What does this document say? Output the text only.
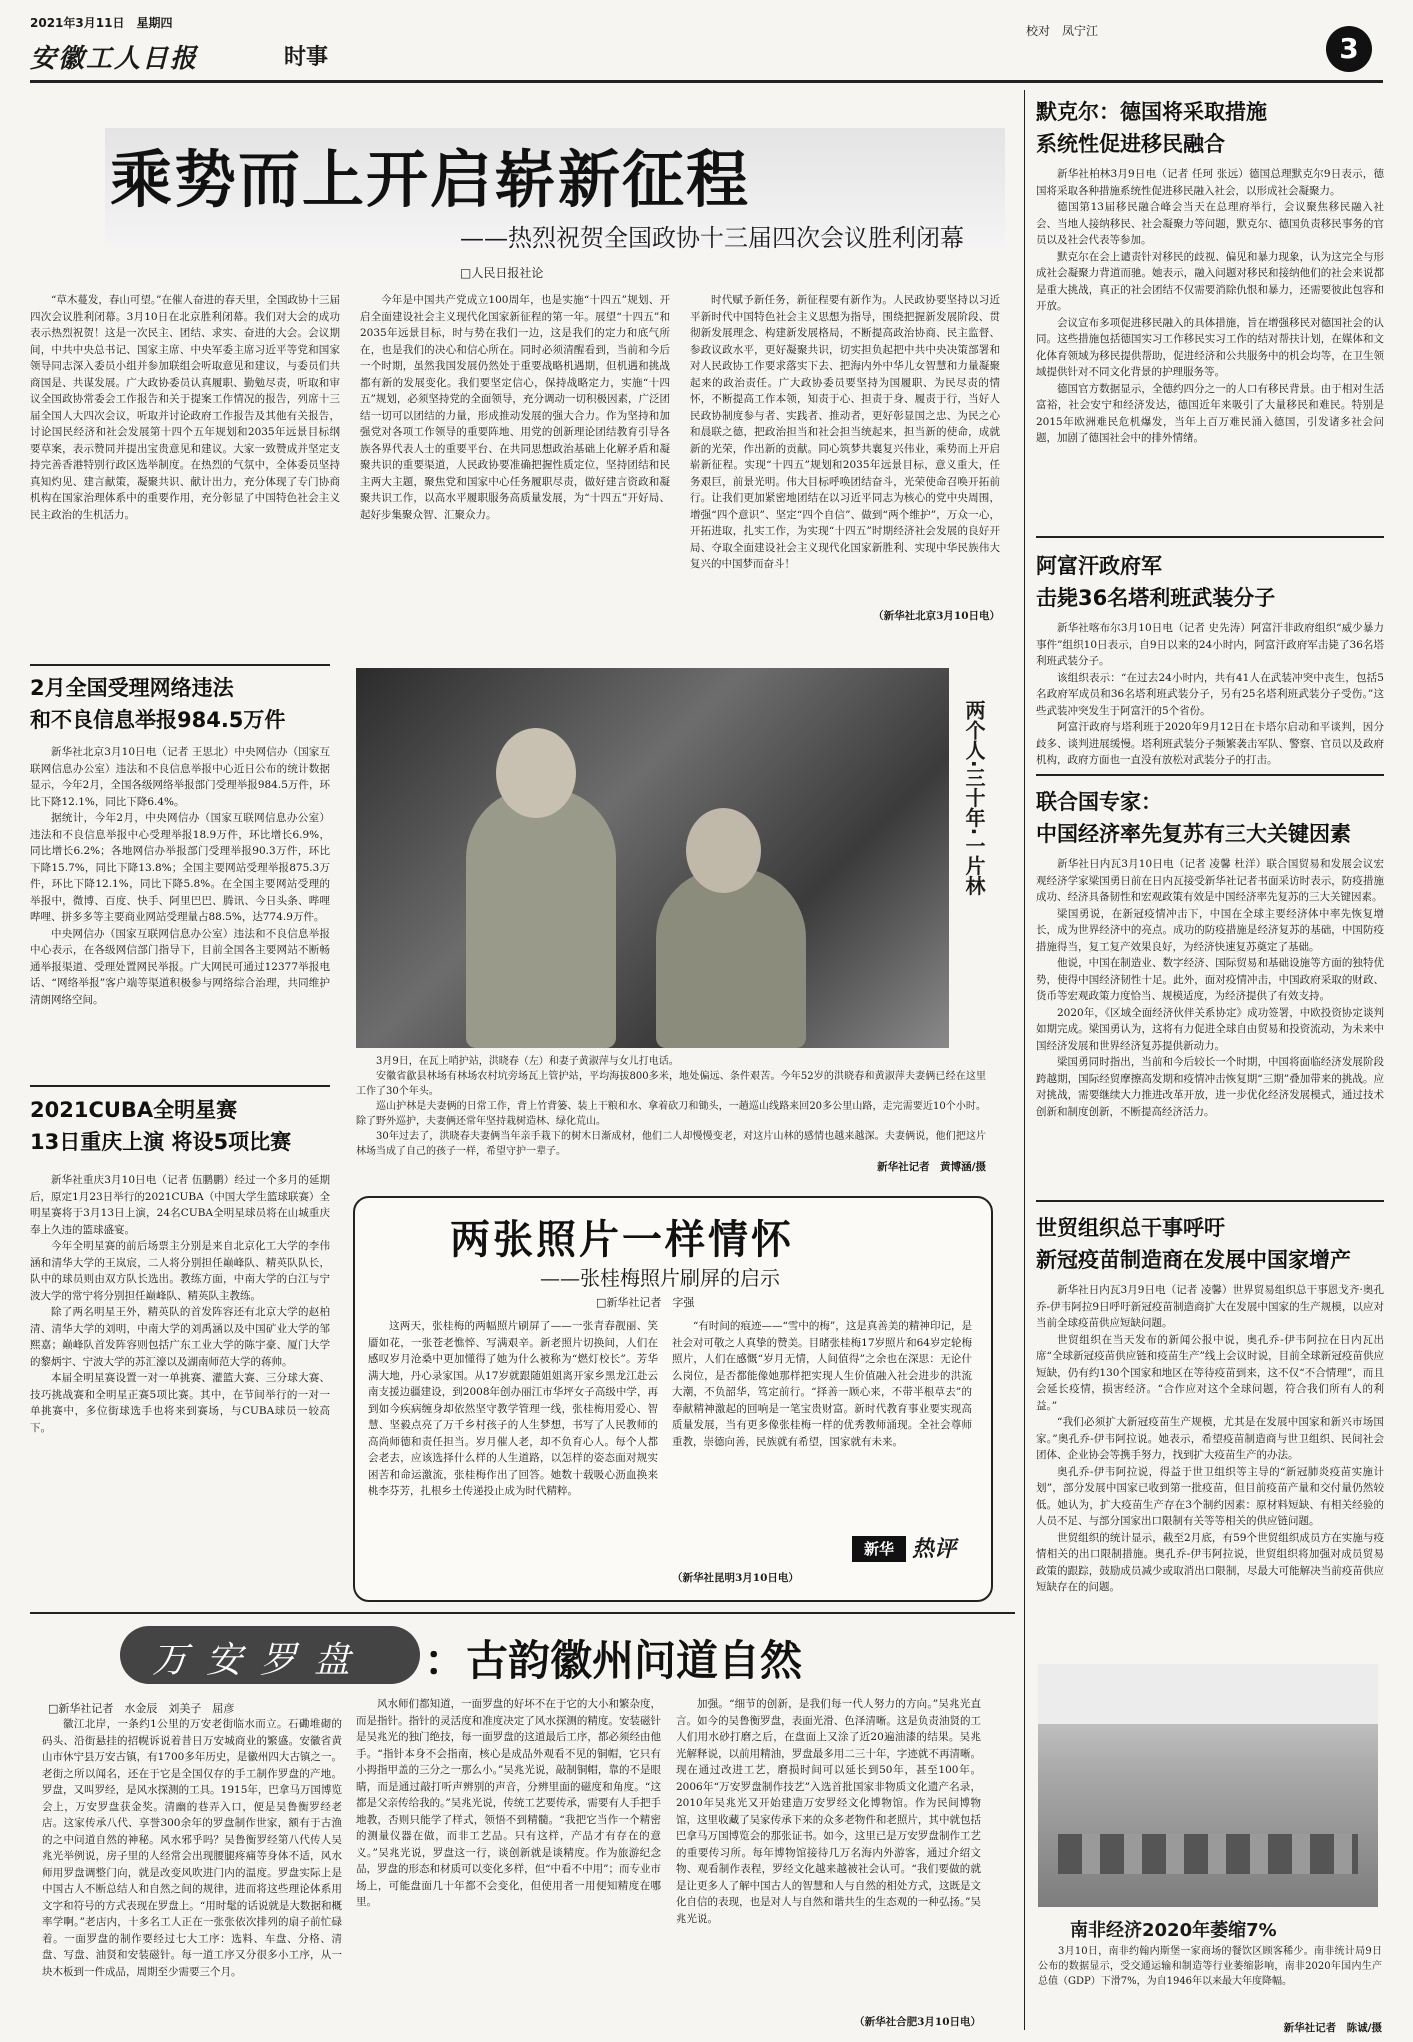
2021年3月11日　星期四
安徽工人日报	时事
校对　凤宁江
3
乘势而上开启崭新征程
——热烈祝贺全国政协十三届四次会议胜利闭幕
□人民日报社论

“草木蔓发，春山可望。”在催人奋进的春天里，全国政协十三届四次会议胜利闭幕。3月10日在北京胜利闭幕。我们对大会的成功表示热烈祝贺！这是一次民主、团结、求实、奋进的大会。会议期间，中共中央总书记、国家主席、中央军委主席习近平等党和国家领导同志深入委员小组并参加联组会听取意见和建议，与委员们共商国是、共谋发展。广大政协委员认真履职、勤勉尽责，听取和审议全国政协常委会工作报告和关于提案工作情况的报告，列席十三届全国人大四次会议，听取并讨论政府工作报告及其他有关报告，讨论国民经济和社会发展第十四个五年规划和2035年远景目标纲要草案，表示赞同并提出宝贵意见和建议。大家一致赞成并坚定支持完善香港特别行政区选举制度。在热烈的气氛中，全体委员坚持真知灼见、建言献策，凝聚共识、献计出力，充分体现了专门协商机构在国家治理体系中的重要作用，充分彰显了中国特色社会主义民主政治的生机活力。

今年是中国共产党成立100周年，也是实施“十四五”规划、开启全面建设社会主义现代化国家新征程的第一年。展望“十四五”和2035年远景目标，时与势在我们一边，这是我们的定力和底气所在，也是我们的决心和信心所在。同时必须清醒看到，当前和今后一个时期，虽然我国发展仍然处于重要战略机遇期，但机遇和挑战都有新的发展变化。我们要坚定信心，保持战略定力，实施“十四五”规划，必须坚持党的全面领导，充分调动一切积极因素，广泛团结一切可以团结的力量，形成推动发展的强大合力。作为坚持和加强党对各项工作领导的重要阵地、用党的创新理论团结教育引导各族各界代表人士的重要平台、在共同思想政治基础上化解矛盾和凝聚共识的重要渠道，人民政协要准确把握性质定位，坚持团结和民主两大主题，聚焦党和国家中心任务履职尽责，做好建言资政和凝聚共识工作，以高水平履职服务高质量发展，为“十四五”开好局、起好步集聚众智、汇聚众力。

时代赋予新任务，新征程要有新作为。人民政协要坚持以习近平新时代中国特色社会主义思想为指导，围绕把握新发展阶段、贯彻新发展理念、构建新发展格局，不断提高政治协商、民主监督、参政议政水平，更好凝聚共识，切实担负起把中共中央决策部署和对人民政协工作要求落实下去、把海内外中华儿女智慧和力量凝聚起来的政治责任。广大政协委员要坚持为国履职、为民尽责的情怀，不断提高工作本领，知责于心、担责于身、履责于行，当好人民政协制度参与者、实践者、推动者，更好彰显国之忠、为民之心和晨联之德，把政治担当和社会担当统起来，担当新的使命，成就新的光荣，作出新的贡献。同心筑梦共襄复兴伟业，乘势而上开启崭新征程。实现“十四五”规划和2035年远景目标，意义重大，任务艰巨，前景光明。伟大目标呼唤团结奋斗，光荣使命召唤开拓前行。让我们更加紧密地团结在以习近平同志为核心的党中央周围，增强“四个意识”、坚定“四个自信”、做到“两个维护”，万众一心，开拓进取，扎实工作，为实现“十四五”时期经济社会发展的良好开局、夺取全面建设社会主义现代化国家新胜利、实现中华民族伟大复兴的中国梦而奋斗！

（新华社北京3月10日电）
2月全国受理网络违法
和不良信息举报984.5万件

新华社北京3月10日电（记者 王思北）中央网信办（国家互联网信息办公室）违法和不良信息举报中心近日公布的统计数据显示，今年2月，全国各级网络举报部门受理举报984.5万件，环比下降12.1%，同比下降6.4%。

据统计，今年2月，中央网信办（国家互联网信息办公室）违法和不良信息举报中心受理举报18.9万件，环比增长6.9%，同比增长6.2%；各地网信办举报部门受理举报90.3万件，环比下降15.7%，同比下降13.8%；全国主要网站受理举报875.3万件，环比下降12.1%，同比下降5.8%。在全国主要网站受理的举报中，微博、百度、快手、阿里巴巴、腾讯、今日头条、哔哩哔哩、拼多多等主要商业网站受理量占88.5%，达774.9万件。

中央网信办（国家互联网信息办公室）违法和不良信息举报中心表示，在各级网信部门指导下，目前全国各主要网站不断畅通举报渠道、受理处置网民举报。广大网民可通过12377举报电话、“网络举报”客户端等渠道积极参与网络综合治理，共同维护清朗网络空间。

2021CUBA全明星赛
13日重庆上演 将设5项比赛

新华社重庆3月10日电（记者 伍鹏鹏）经过一个多月的延期后，原定1月23日举行的2021CUBA（中国大学生篮球联赛）全明星赛将于3月13日上演，24名CUBA全明星球员将在山城重庆奉上久违的篮球盛宴。

今年全明星赛的前后场票主分别是来自北京化工大学的李伟涵和清华大学的王岚宸，二人将分别担任巅峰队、精英队队长，队中的球员则由双方队长选出。教练方面，中南大学的白江与宁波大学的常宁将分别担任巅峰队、精英队主教练。

除了两名明星王外，精英队的首发阵容还有北京大学的赵柏清、清华大学的刘明，中南大学的刘禹涵以及中国矿业大学的邹熙嘉；巅峰队首发阵容则包括广东工业大学的陈宇豪、厦门大学的黎炳宇、宁波大学的苏汇濠以及湖南师范大学的蒋帅。

本届全明星赛设置一对一单挑赛、灌篮大赛、三分球大赛、技巧挑战赛和全明星正赛5项比赛。其中，在节间举行的一对一单挑赛中，多位街球选手也将来到赛场，与CUBA球员一较高下。

两个人·三十年·一片林

3月9日，在瓦上哨护站，洪晓春（左）和妻子黄淑萍与女儿打电话。

安徽省歙县林场有林场农村坑旁场瓦上管护站，平均海拔800多米，地处偏远、条件艰苦。今年52岁的洪晓春和黄淑萍夫妻俩已经在这里工作了30个年头。

巡山护林是夫妻俩的日常工作，背上竹背篓、装上干粮和水、拿着砍刀和锄头，一趟巡山线路来回20多公里山路，走完需要近10个小时。除了野外巡护，夫妻俩还常年坚持栽树造林、绿化荒山。

30年过去了，洪晓春夫妻俩当年亲手栽下的树木日渐成材，他们二人却慢慢变老，对这片山林的感情也越来越深。夫妻俩说，他们把这片林场当成了自己的孩子一样，希望守护一辈子。

新华社记者　黄博涵/摄
两张照片一样情怀
——张桂梅照片刷屏的启示
□新华社记者　字强

这两天，张桂梅的两幅照片刷屏了——一张青春靓丽、笑靥如花，一张苍老憔悴、写满艰辛。新老照片切换间，人们在感叹岁月沧桑中更加懂得了她为什么被称为“燃灯校长”。芳华满大地，丹心录家国。从17岁就跟随姐姐离开家乡黑龙江赴云南支援边疆建设，到2008年创办丽江市华坪女子高级中学，再到如今疾病缠身却依然坚守教学管理一线，张桂梅用爱心、智慧、坚毅点亮了万千乡村孩子的人生梦想，书写了人民教师的高尚师德和责任担当。岁月催人老，却不负育心人。每个人都会老去，应该选择什么样的人生道路，以怎样的姿态面对规实困苦和命运激流，张桂梅作出了回答。她数十载吸心沥血换来桃李芬芳，扎根乡土传递投止成为时代精粹。

“有时间的痕迹——“雪中的梅”，这是真善美的精神印记，是社会对可敬之人真挚的赞美。目睹张桂梅17岁照片和64岁定轮梅照片，人们在感慨“岁月无情，人间值得”之余也在深思：无论什么岗位，是否都能像她那样把实现人生价值融入社会进步的洪流大潮，不负韶华，笃定前行。“择善一顾心来，不带半根草去”的奉献精神激起的回响是一笔宝贵财富。新时代教育事业要实现高质量发展，当有更多像张桂梅一样的优秀教师涌现。全社会尊师重教，崇德向善，民族就有希望，国家就有未来。

（新华社昆明3月10日电）
新华 热评
万安罗盘 ：古韵徽州问道自然
□新华社记者　水金辰　刘美子　屈彦

徽江北岸，一条约1公里的万安老街临水而立。石磡堆砌的码头、沿街悬挂的招幌诉说着昔日万安城商业的繁盛。安徽省黄山市休宁县万安古镇，有1700多年历史，是徽州四大古镇之一。老街之所以闻名，还在于它是全国仅存的手工制作罗盘的产地。罗盘，又叫罗经，是风水探测的工具。1915年，巴拿马万国博览会上，万安罗盘获金奖。清幽的巷弄入口，便是吴鲁衡罗经老店。这家传承八代、享誉300余年的罗盘制作世家，额有于古渔的之中问道自然的神秘。风水邪乎吗？吴鲁衡罗经第八代传人吴兆光举例说，房子里的人经常会出现腰腿疼痛等身体不适，风水师用罗盘调整门向，就是改变风吹进门内的温度。罗盘实际上是中国古人不断总结人和自然之间的规律，进而将这些理论体系用文字和符号的方式表现在罗盘上。“用时髦的话说就是大数据和概率学啊。”老店内，十多名工人正在一张张依次排列的扇子前忙碌着。一面罗盘的制作要经过七大工序：选料、车盘、分格、清盘、写盘、油贤和安装磁针。每一道工序又分很多小工序，从一块木板到一件成品，周期至少需要三个月。

风水师们都知道，一面罗盘的好坏不在于它的大小和繁杂度，而是指针。指针的灵活度和准度决定了风水探测的精度。安装磁针是吴兆光的独门绝技，每一面罗盘的这道最后工序，都必须经由他手。“指针本身不会指南，核心是成品外观看不见的铜帽，它只有小拇指甲盖的三分之一那么小。”吴兆光说，敲制铜帽，靠的不是眼睛，而是通过敲打听声辨别的声音，分辨里面的磁度和角度。“这都是父亲传给我的。”吴兆光说，传统工艺要传承，需要有人手把手地教，否则只能学了样式，领悟不到精髓。“我把它当作一个精密的测量仪器在做，而非工艺品。只有这样，产品才有存在的意义。”吴兆光说，罗盘这一行，谈创新就是谈精度。作为旅游纪念品，罗盘的形态和材质可以变化多样，但“中看不中用”；而专业市场上，可能盘面几十年都不会变化，但使用者一用便知精度在哪里。

加强。“细节的创新，是我们每一代人努力的方向。”吴兆光直言。如今的吴鲁衡罗盘，表面光滑、色泽清晰。这是负责油贤的工人们用水砂打磨之后，在盘面上又涂了近20遍油漆的结果。吴兆光解释说，以前用精油，罗盘最多用二三十年，字迹就不再清晰。现在通过改进工艺，磨损时间可以延长到50年，甚至100年。2006年“万安罗盘制作技艺”入选首批国家非物质文化遗产名录，2010年吴兆光又开始建造万安罗经文化博物馆。作为民间博物馆，这里收藏了吴家传承下来的众多老物件和老照片，其中就包括巴拿马万国博览会的那张证书。如今，这里已是万安罗盘制作工艺的重要传习所。每年博物馆接待几万名海内外游客，通过介绍文物、观看制作表程，罗经文化越来越被社会认可。“我们要做的就是让更多人了解中国古人的智慧和人与自然的相处方式，这既是文化自信的表现，也是对人与自然和谐共生的生态观的一种弘扬。”吴兆光说。

（新华社合肥3月10日电）
默克尔：德国将采取措施
系统性促进移民融合

新华社柏林3月9日电（记者 任珂 张远）德国总理默克尔9日表示，德国将采取各种措施系统性促进移民融入社会，以形成社会凝聚力。

德国第13届移民融合峰会当天在总理府举行，会议聚焦移民融入社会、当地人接纳移民、社会凝聚力等问题，默克尔、德国负责移民事务的官员以及社会代表等参加。

默克尔在会上谴责针对移民的歧视、偏见和暴力现象，认为这完全与形成社会凝聚力背道而驰。她表示，融入问题对移民和接纳他们的社会来说都是重大挑战，真正的社会团结不仅需要消除仇恨和暴力，还需要彼此包容和开放。

会议宣布多项促进移民融入的具体措施，旨在增强移民对德国社会的认同。这些措施包括德国实习工作移民实习工作的结对帮扶计划，在媒体和文化体育领域为移民提供帮助，促进经济和公共服务中的机会均等，在卫生领域提供针对不同文化背景的护理服务等。

德国官方数据显示，全德约四分之一的人口有移民背景。由于相对生活富裕，社会安宁和经济发达，德国近年来吸引了大量移民和难民。特别是2015年欧洲难民危机爆发，当年上百万难民涌入德国，引发诸多社会问题，加剧了德国社会中的排外情绪。

阿富汗政府军
击毙36名塔利班武装分子

新华社喀布尔3月10日电（记者 史先涛）阿富汗非政府组织“威少暴力事件”组织10日表示，自9日以来的24小时内，阿富汗政府军击毙了36名塔利班武装分子。

该组织表示：“在过去24小时内，共有41人在武装冲突中丧生，包括5名政府军成员和36名塔利班武装分子，另有25名塔利班武装分子受伤。”这些武装冲突发生于阿富汗的5个省份。

阿富汗政府与塔利班于2020年9月12日在卡塔尔启动和平谈判，因分歧多、谈判进展缓慢。塔利班武装分子频繁袭击军队、警察、官员以及政府机构，政府方面也一直没有放松对武装分子的打击。

联合国专家：
中国经济率先复苏有三大关键因素

新华社日内瓦3月10日电（记者 凌馨 杜洋）联合国贸易和发展会议宏观经济学家梁国勇日前在日内瓦接受新华社记者书面采访时表示，防疫措施成功、经济具备韧性和宏观政策有效是中国经济率先复苏的三大关键因素。

梁国勇说，在新冠疫情冲击下，中国在全球主要经济体中率先恢复增长，成为世界经济中的亮点。成功的防疫措施是经济复苏的基础，中国防疫措施得当，复工复产效果良好，为经济快速复苏奠定了基础。

他说，中国在制造业、数字经济、国际贸易和基础设施等方面的独特优势，使得中国经济韧性十足。此外，面对疫情冲击，中国政府采取的财政、货币等宏观政策力度恰当、规模适度，为经济提供了有效支持。

2020年，《区域全面经济伙伴关系协定》成功签署，中欧投资协定谈判如期完成。梁国勇认为，这将有力促进全球自由贸易和投资流动，为未来中国经济发展和世界经济复苏提供新动力。

梁国勇同时指出，当前和今后较长一个时期，中国将面临经济发展阶段跨越期，国际经贸摩擦高发期和疫情冲击恢复期“三期”叠加带来的挑战。应对挑战，需要继续大力推进改革开放，进一步优化经济发展模式，通过技术创新和制度创新，不断提高经济活力。

世贸组织总干事呼吁
新冠疫苗制造商在发展中国家增产

新华社日内瓦3月9日电（记者 凌馨）世界贸易组织总干事恩戈齐·奥孔乔-伊韦阿拉9日呼吁新冠疫苗制造商扩大在发展中国家的生产规模，以应对当前全球疫苗供应短缺问题。

世贸组织在当天发布的新闻公报中说，奥孔乔-伊韦阿拉在日内瓦出席“全球新冠疫苗供应链和疫苗生产”线上会议时说，目前全球新冠疫苗供应短缺，仍有约130个国家和地区在等待疫苗到来，这不仅“不合情理”，而且会延长疫情，损害经济。“合作应对这个全球问题，符合我们所有人的利益。”

“我们必须扩大新冠疫苗生产规模，尤其是在发展中国家和新兴市场国家。”奥孔乔-伊韦阿拉说。她表示，希望疫苗制造商与世卫组织、民间社会团体、企业协会等携手努力，找到扩大疫苗生产的办法。

奥孔乔-伊韦阿拉说，得益于世卫组织等主导的“新冠肺炎疫苗实施计划”，部分发展中国家已收到第一批疫苗，但目前疫苗产量和交付量仍然较低。她认为，扩大疫苗生产存在3个制约因素：原材料短缺、有相关经验的人员不足、与部分国家出口限制有关等等相关的供应链问题。

世贸组织的统计显示，截至2月底，有59个世贸组织成员方在实施与疫情相关的出口限制措施。奥孔乔-伊韦阿拉说，世贸组织将加强对成员贸易政策的跟踪，鼓励成员减少或取消出口限制，尽最大可能解决当前疫苗供应短缺存在的问题。

南非经济2020年萎缩7%

3月10日，南非约翰内斯堡一家商场的餐饮区顾客稀少。南非统计局9日公布的数据显示，受交通运输和制造等行业萎缩影响，南非2020年国内生产总值（GDP）下滑7%，为自1946年以来最大年度降幅。

新华社记者　陈诚/摄
